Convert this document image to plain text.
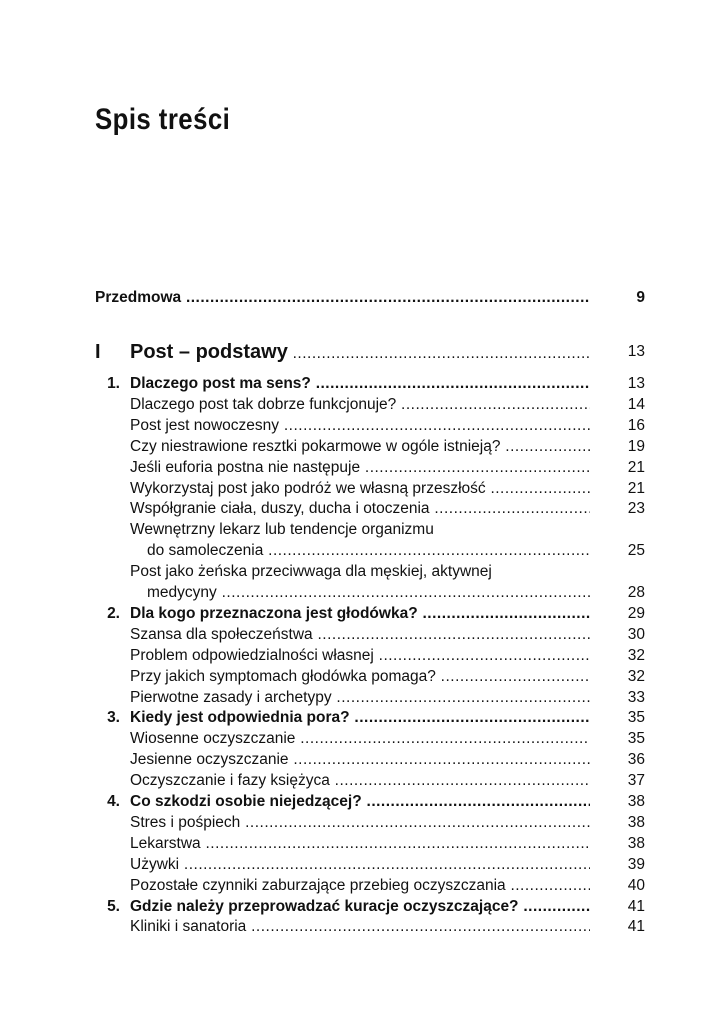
Spis treści
Przedmowa .....	9
I Post – podstawy .....	13
1. Dlaczego post ma sens? .....	13
Dlaczego post tak dobrze funkcjonuje? .....	14
Post jest nowoczesny .....	16
Czy niestrawione resztki pokarmowe w ogóle istnieją? .....	19
Jeśli euforia postna nie następuje .....	21
Wykorzystaj post jako podróż we własną przeszłość .....	21
Współgranie ciała, duszy, ducha i otoczenia .....	23
Wewnętrzny lekarz lub tendencje organizmu
do samoleczenia .....	25
Post jako żeńska przeciwwaga dla męskiej, aktywnej
medycyny .....	28
2. Dla kogo przeznaczona jest głodówka? .....	29
Szansa dla społeczeństwa .....	30
Problem odpowiedzialności własnej .....	32
Przy jakich symptomach głodówka pomaga? .....	32
Pierwotne zasady i archetypy .....	33
3. Kiedy jest odpowiednia pora? .....	35
Wiosenne oczyszczanie .....	35
Jesienne oczyszczanie .....	36
Oczyszczanie i fazy księżyca .....	37
4. Co szkodzi osobie niejedzącej? .....	38
Stres i pośpiech .....	38
Lekarstwa .....	38
Używki .....	39
Pozostałe czynniki zaburzające przebieg oczyszczania .....	40
5. Gdzie należy przeprowadzać kuracje oczyszczające? .....	41
Kliniki i sanatoria .....	41
